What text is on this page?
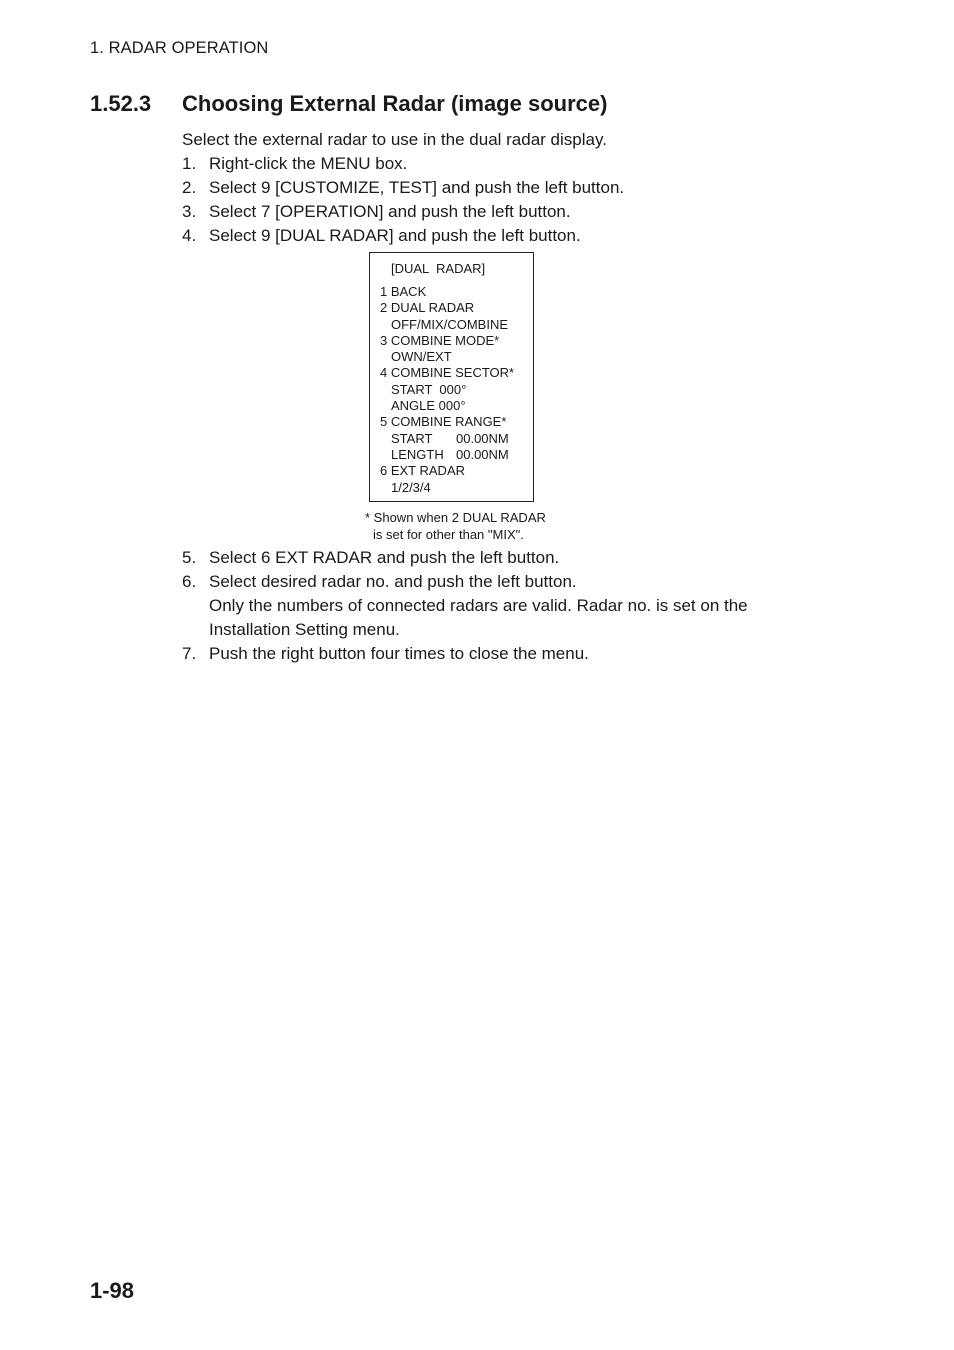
1. RADAR OPERATION
1.52.3 Choosing External Radar (image source)
Select the external radar to use in the dual radar display.
1. Right-click the MENU box.
2. Select 9 [CUSTOMIZE, TEST] and push the left button.
3. Select 7 [OPERATION] and push the left button.
4. Select 9 [DUAL RADAR] and push the left button.
[DUAL  RADAR]
1 BACK
2 DUAL RADAR
OFF/MIX/COMBINE
3 COMBINE MODE*
OWN/EXT
4 COMBINE SECTOR*
START  000°
ANGLE 000°
5 COMBINE RANGE*
START	00.00NM
LENGTH 00.00NM
6 EXT RADAR
1/2/3/4
* Shown when 2 DUAL RADAR
is set for other than "MIX".
5. Select 6 EXT RADAR and push the left button.
6. Select desired radar no. and push the left button.
Only the numbers of connected radars are valid. Radar no. is set on the Installation Setting menu.
7. Push the right button four times to close the menu.
1-98
